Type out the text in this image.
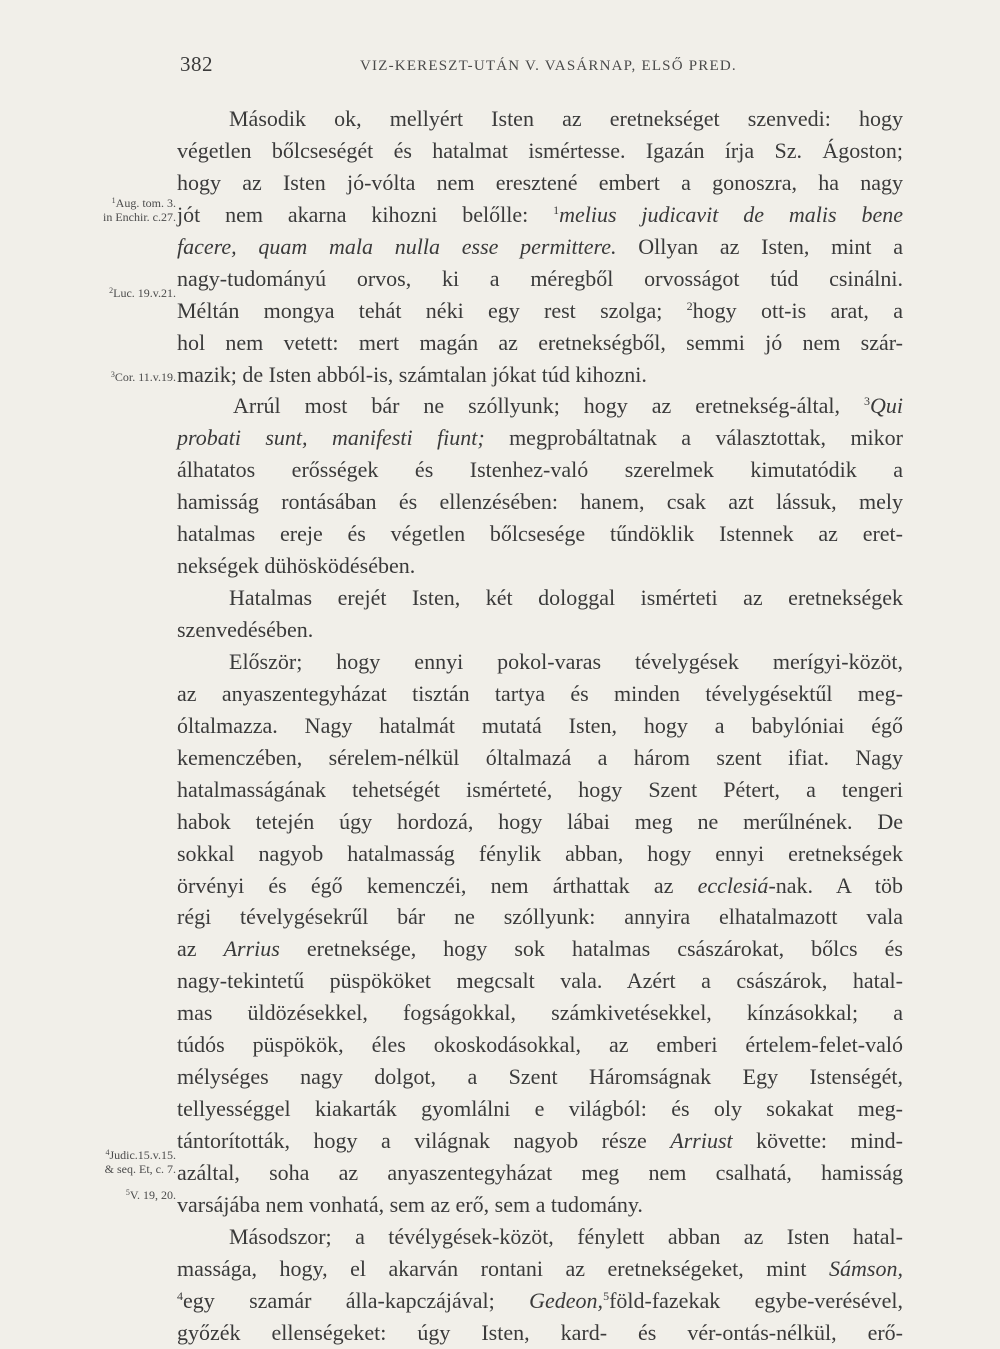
382	VIZ-KERESZT-UTÁN V. VASÁRNAP, ELSŐ PRED.
$^1$Aug. tom. 3.
in Enchir. c.27.
$^2$Luc. 19.v.21.
$^3$Cor. 11.v.19.
$^4$Judic.15.v.15.
& seq. Et, c. 7.
$^5$V. 19, 20.
Második ok, mellyért Isten az eretnekséget szenvedi: hogy
végetlen bőlcseségét és hatalmat ismértesse. Igazán írja Sz. Ágoston;
hogy az Isten jó-vólta nem eresztené embert a gonoszra, ha nagy
jót nem akarna kihozni belőlle: $^1$melius judicavit de malis bene
facere, quam mala nulla esse permittere. Ollyan az Isten, mint a
nagy-tudományú orvos, ki a méregből orvosságot túd csinálni.
Méltán mongya tehát néki egy rest szolga; $^2$hogy ott-is arat, a
hol nem vetett: mert magán az eretnekségből, semmi jó nem szár-
mazik; de Isten abból-is, számtalan jókat túd kihozni.
Arrúl most bár ne szóllyunk; hogy az eretnekség-által, $^3$Qui
probati sunt, manifesti fiunt; megprobáltatnak a választottak, mikor
álhatatos erősségek és Istenhez-való szerelmek kimutatódik a
hamisság rontásában és ellenzésében: hanem, csak azt lássuk, mely
hatalmas ereje és végetlen bőlcsesége tűndöklik Istennek az eret-
nekségek dühösködésében.
Hatalmas erejét Isten, két dologgal ismérteti az eretnekségek
szenvedésében.
Először; hogy ennyi pokol-varas tévelygések merígyi-közöt,
az anyaszentegyházat tisztán tartya és minden tévelygésektűl meg-
óltalmazza. Nagy hatalmát mutatá Isten, hogy a babylóniai égő
kemenczében, sérelem-nélkül óltalmazá a három szent ifiat. Nagy
hatalmasságának tehetségét ismérteté, hogy Szent Pétert, a tengeri
habok tetején úgy hordozá, hogy lábai meg ne merűlnének. De
sokkal nagyob hatalmasság fénylik abban, hogy ennyi eretnekségek
örvényi és égő kemenczéi, nem árthattak az ecclesiá-nak. A töb
régi tévelygésekrűl bár ne szóllyunk: annyira elhatalmazott vala
az Arrius eretneksége, hogy sok hatalmas császárokat, bőlcs és
nagy-tekintetű püspököket megcsalt vala. Azért a császárok, hatal-
mas üldözésekkel, fogságokkal, számkivetésekkel, kínzásokkal; a
túdós püspökök, éles okoskodásokkal, az emberi értelem-felet-való
mélységes nagy dolgot, a Szent Háromságnak Egy Istenségét,
tellyességgel kiakarták gyomlálni e világból: és oly sokakat meg-
tántorították, hogy a világnak nagyob része Arriust követte: mind-
azáltal, soha az anyaszentegyházat meg nem csalhatá, hamisság
varsájába nem vonhatá, sem az erő, sem a tudomány.
Másodszor; a tévélygések-közöt, fénylett abban az Isten hatal-
massága, hogy, el akarván rontani az eretnekségeket, mint Sámson,
$^4$egy szamár álla-kapczájával; Gedeon,$^5$föld-fazekak egybe-verésével,
győzék ellenségeket: úgy Isten, kard- és vér-ontás-nélkül, erő-
